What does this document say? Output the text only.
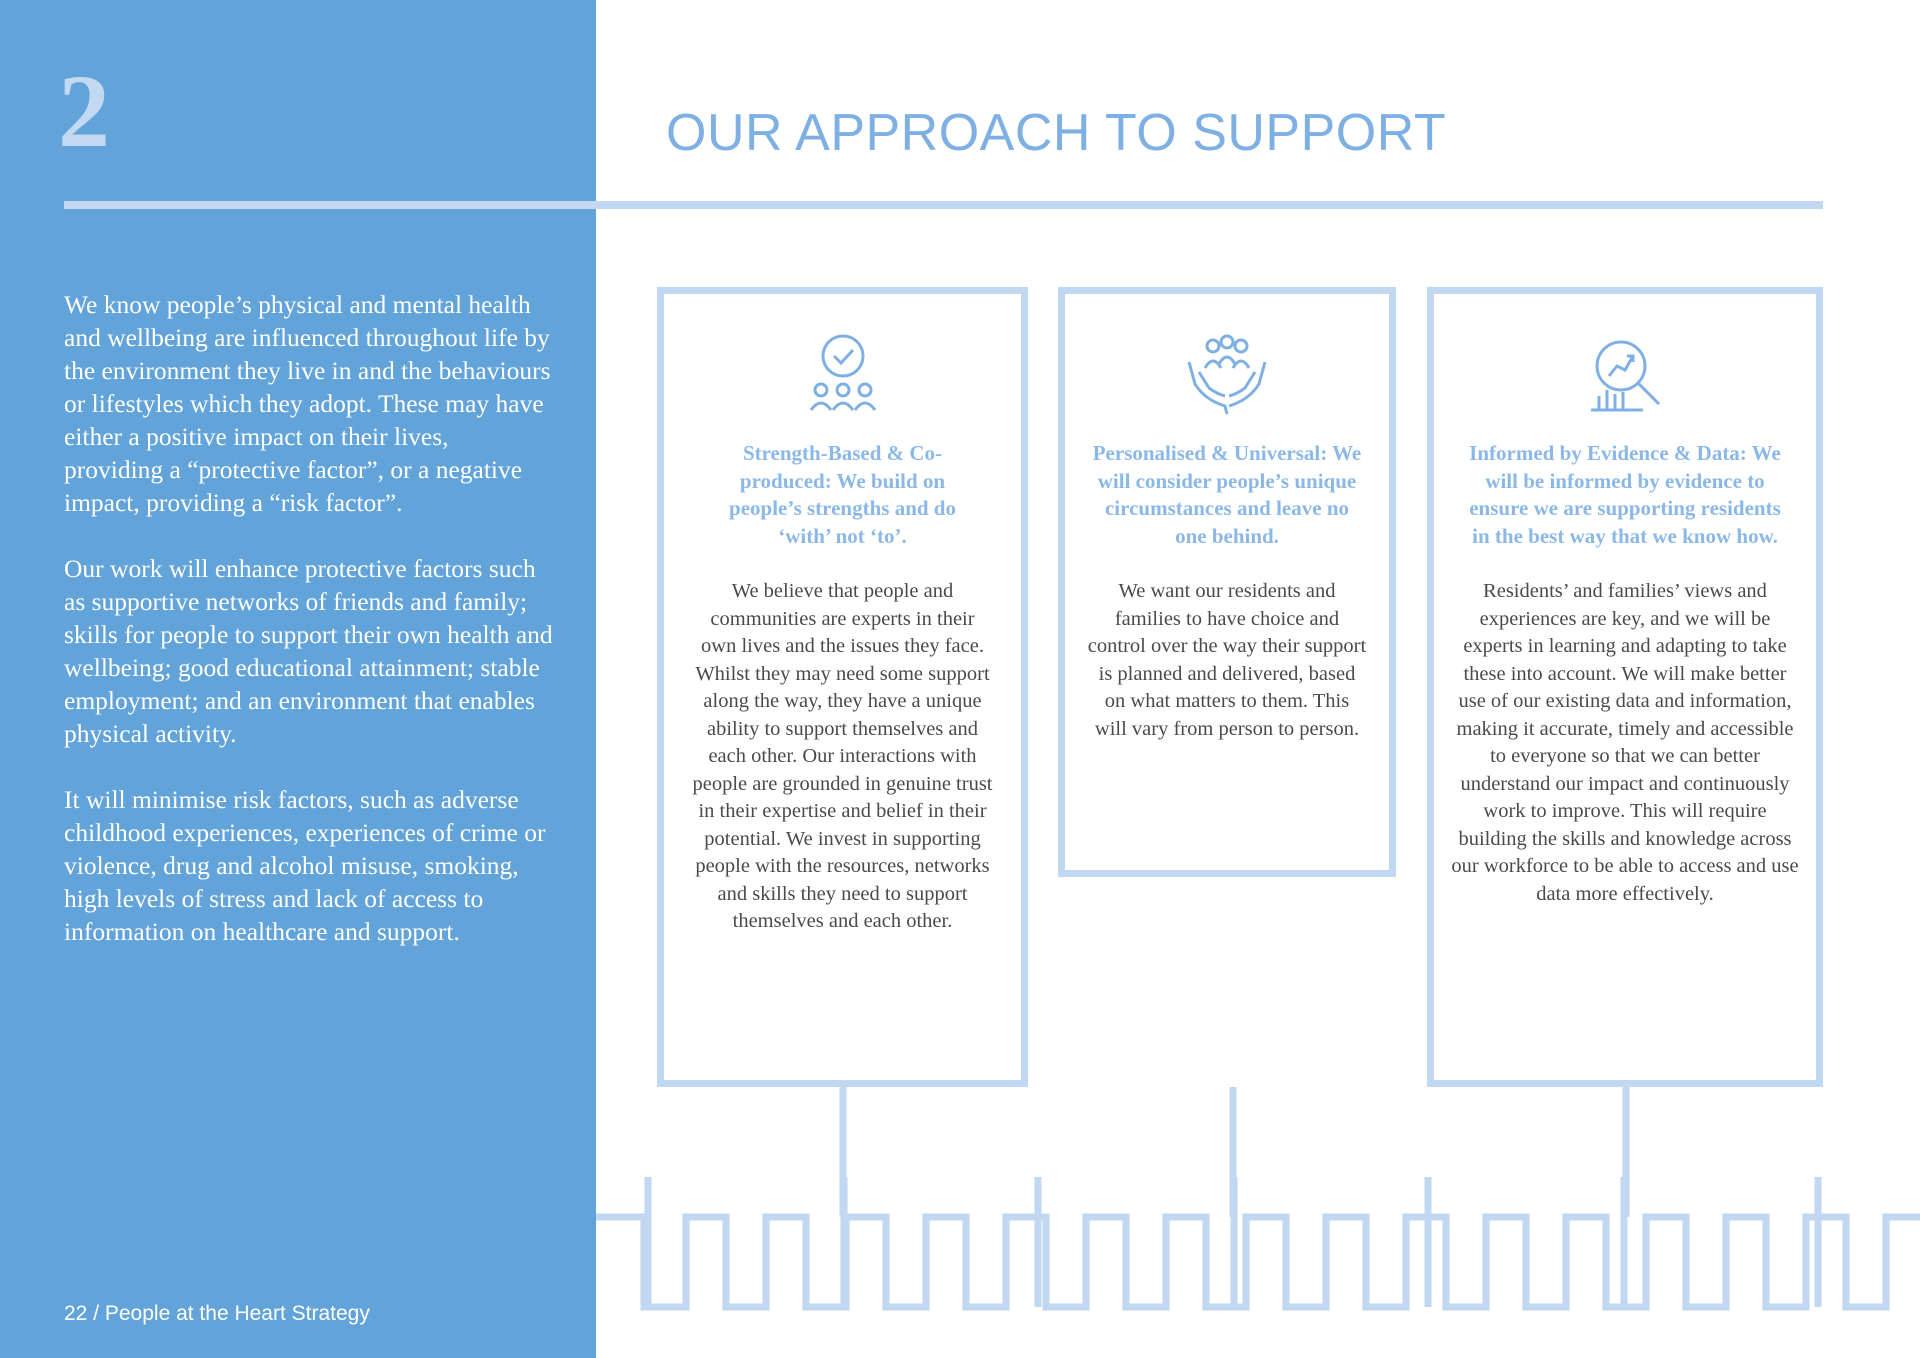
2	OUR APPROACH TO SUPPORT

We know people’s physical and mental health and wellbeing are influenced throughout life by the environment they live in and the behaviours or lifestyles which they adopt. These may have either a positive impact on their lives, providing a “protective factor”, or a negative impact, providing a “risk factor”.

Our work will enhance protective factors such as supportive networks of friends and family; skills for people to support their own health and wellbeing; good educational attainment; stable employment; and an environment that enables physical activity.

It will minimise risk factors, such as adverse childhood experiences, experiences of crime or violence, drug and alcohol misuse, smoking, high levels of stress and lack of access to information on healthcare and support.

22 / People at the Heart Strategy
Strength-Based & Co-produced: We build on people’s strengths and do ‘with’ not ‘to’.
We believe that people and communities are experts in their own lives and the issues they face. Whilst they may need some support along the way, they have a unique ability to support themselves and each other. Our interactions with people are grounded in genuine trust in their expertise and belief in their potential. We invest in supporting people with the resources, networks and skills they need to support themselves and each other.
Personalised & Universal: We will consider people’s unique circumstances and leave no one behind.
We want our residents and families to have choice and control over the way their support is planned and delivered, based on what matters to them. This will vary from person to person.
Informed by Evidence & Data: We will be informed by evidence to ensure we are supporting residents in the best way that we know how.
Residents’ and families’ views and experiences are key, and we will be experts in learning and adapting to take these into account. We will make better use of our existing data and information, making it accurate, timely and accessible to everyone so that we can better understand our impact and continuously work to improve. This will require building the skills and knowledge across our workforce to be able to access and use data more effectively.
